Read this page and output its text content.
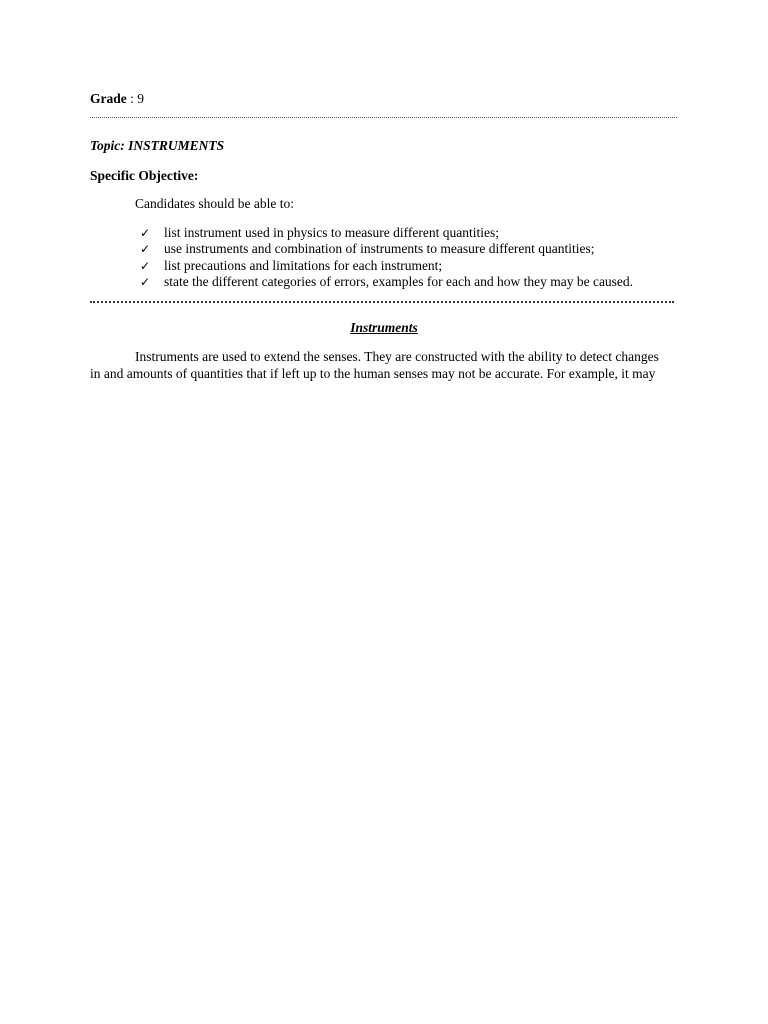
Grade : 9
Topic: INSTRUMENTS
Specific Objective:
Candidates should be able to:
✓ list instrument used in physics to measure different quantities;
✓ use instruments and combination of instruments to measure different quantities;
✓ list precautions and limitations for each instrument;
✓ state the different categories of errors, examples for each and how they may be caused.
Instruments
Instruments are used to extend the senses. They are constructed with the ability to detect changes
in and amounts of quantities that if left up to the human senses may not be accurate. For example, it may
